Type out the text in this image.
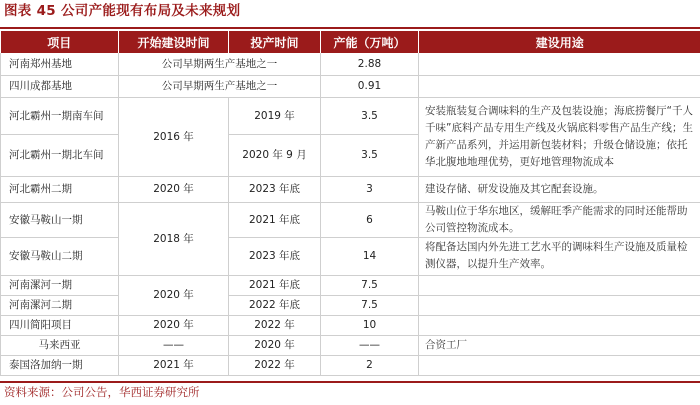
图表 45 公司产能现有布局及未来规划
项目	开始建设时间	投产时间	产能（万吨）	建设用途
河南郑州基地	公司早期两生产基地之一		2.88	
四川成都基地	公司早期两生产基地之一		0.91	
河北霸州一期南车间	2016 年	2019 年	3.5	安装瓶装复合调味料的生产及包装设施；海底捞餐厅“千人千味”底料产品专用生产线及火锅底料零售产品生产线；生产新产品系列，并运用新包装材料；升级仓储设施；依托华北腹地地理优势，更好地管理物流成本
河北霸州一期北车间		2020 年 9 月	3.5	
河北霸州二期	2020 年	2023 年底	3	建设存储、研发设施及其它配套设施。
安徽马鞍山一期	2018 年	2021 年底	6	马鞍山位于华东地区，缓解旺季产能需求的同时还能帮助公司管控物流成本。
安徽马鞍山二期		2023 年底	14	将配备达国内外先进工艺水平的调味料生产设施及质量检测仪器，以提升生产效率。
河南漯河一期	2020 年	2021 年底	7.5	
河南漯河二期		2022 年底	7.5	
四川简阳项目	2020 年	2022 年	10	
马来西亚	——	2020 年	——	合资工厂
泰国洛加纳一期	2021 年	2022 年	2	
资料来源：公司公告，华西证券研究所
